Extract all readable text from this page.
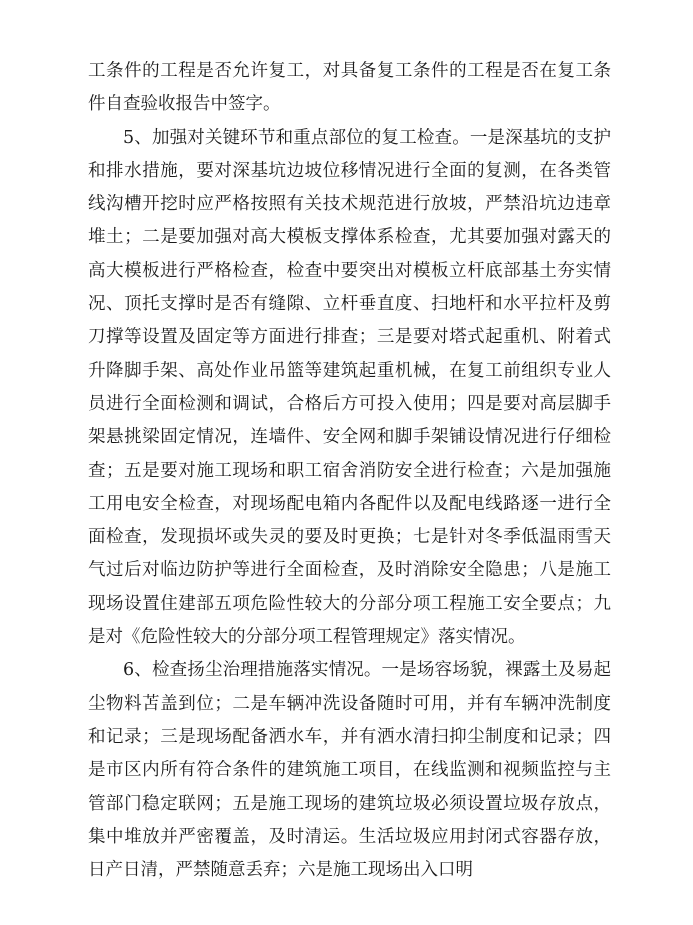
工条件的工程是否允许复工，对具备复工条件的工程是否在复工条件自查验收报告中签字。

5、加强对关键环节和重点部位的复工检查。一是深基坑的支护和排水措施，要对深基坑边坡位移情况进行全面的复测，在各类管线沟槽开挖时应严格按照有关技术规范进行放坡，严禁沿坑边违章堆土；二是要加强对高大模板支撑体系检查，尤其要加强对露天的高大模板进行严格检查，检查中要突出对模板立杆底部基土夯实情况、顶托支撑时是否有缝隙、立杆垂直度、扫地杆和水平拉杆及剪刀撑等设置及固定等方面进行排查；三是要对塔式起重机、附着式升降脚手架、高处作业吊篮等建筑起重机械，在复工前组织专业人员进行全面检测和调试，合格后方可投入使用；四是要对高层脚手架悬挑梁固定情况，连墙件、安全网和脚手架铺设情况进行仔细检查；五是要对施工现场和职工宿舍消防安全进行检查；六是加强施工用电安全检查，对现场配电箱内各配件以及配电线路逐一进行全面检查，发现损坏或失灵的要及时更换；七是针对冬季低温雨雪天气过后对临边防护等进行全面检查，及时消除安全隐患；八是施工现场设置住建部五项危险性较大的分部分项工程施工安全要点；九是对《危险性较大的分部分项工程管理规定》落实情况。

6、检查扬尘治理措施落实情况。一是场容场貌，裸露土及易起尘物料苫盖到位；二是车辆冲洗设备随时可用，并有车辆冲洗制度和记录；三是现场配备洒水车，并有洒水清扫抑尘制度和记录；四是市区内所有符合条件的建筑施工项目，在线监测和视频监控与主管部门稳定联网；五是施工现场的建筑垃圾必须设置垃圾存放点，集中堆放并严密覆盖，及时清运。生活垃圾应用封闭式容器存放，日产日清，严禁随意丢弃；六是施工现场出入口明
